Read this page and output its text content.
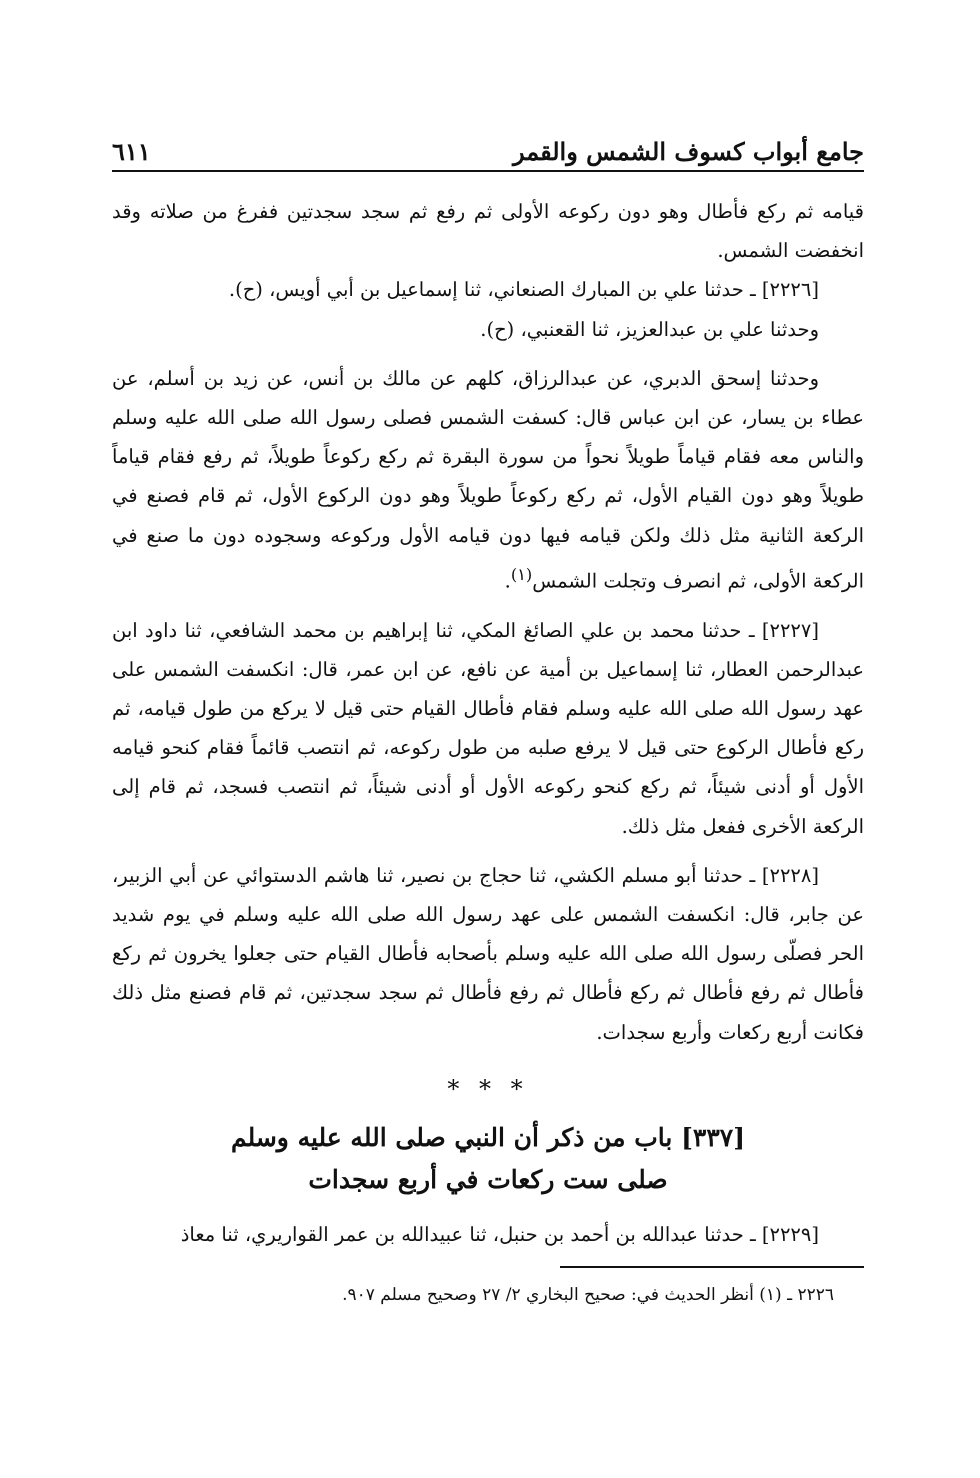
جامع أبواب كسوف الشمس والقمر
٦١١

قيامه ثم ركع فأطال وهو دون ركوعه الأولى ثم رفع ثم سجد سجدتين ففرغ من صلاته وقد انخفضت الشمس.

[٢٢٢٦] ـ حدثنا علي بن المبارك الصنعاني، ثنا إسماعيل بن أبي أويس، (ح).

وحدثنا علي بن عبدالعزيز، ثنا القعنبي، (ح).

وحدثنا إسحق الدبري، عن عبدالرزاق، كلهم عن مالك بن أنس، عن زيد بن أسلم، عن عطاء بن يسار، عن ابن عباس قال: كسفت الشمس فصلى رسول الله صلى الله عليه وسلم والناس معه فقام قياماً طويلاً نحواً من سورة البقرة ثم ركع ركوعاً طويلاً، ثم رفع فقام قياماً طويلاً وهو دون القيام الأول، ثم ركع ركوعاً طويلاً وهو دون الركوع الأول، ثم قام فصنع في الركعة الثانية مثل ذلك ولكن قيامه فيها دون قيامه الأول وركوعه وسجوده دون ما صنع في الركعة الأولى، ثم انصرف وتجلت الشمس$^{(١)}$.

[٢٢٢٧] ـ حدثنا محمد بن علي الصائغ المكي، ثنا إبراهيم بن محمد الشافعي، ثنا داود ابن عبدالرحمن العطار، ثنا إسماعيل بن أمية عن نافع، عن ابن عمر، قال: انكسفت الشمس على عهد رسول الله صلى الله عليه وسلم فقام فأطال القيام حتى قيل لا يركع من طول قيامه، ثم ركع فأطال الركوع حتى قيل لا يرفع صلبه من طول ركوعه، ثم انتصب قائماً فقام كنحو قيامه الأول أو أدنى شيئاً، ثم ركع كنحو ركوعه الأول أو أدنى شيئاً، ثم انتصب فسجد، ثم قام إلى الركعة الأخرى ففعل مثل ذلك.

[٢٢٢٨] ـ حدثنا أبو مسلم الكشي، ثنا حجاج بن نصير، ثنا هاشم الدستوائي عن أبي الزبير، عن جابر، قال: انكسفت الشمس على عهد رسول الله صلى الله عليه وسلم في يوم شديد الحر فصلّى رسول الله صلى الله عليه وسلم بأصحابه فأطال القيام حتى جعلوا يخرون ثم ركع فأطال ثم رفع فأطال ثم ركع فأطال ثم رفع فأطال ثم سجد سجدتين، ثم قام فصنع مثل ذلك فكانت أربع ركعات وأربع سجدات.

* * *

[٣٣٧] باب من ذكر أن النبي صلى الله عليه وسلم
صلى ست ركعات في أربع سجدات

[٢٢٢٩] ـ حدثنا عبدالله بن أحمد بن حنبل، ثنا عبيدالله بن عمر القواريري، ثنا معاذ

٢٢٢٦ ـ (١) أنظر الحديث في: صحيح البخاري ٢/ ٢٧ وصحيح مسلم ٩٠٧.
